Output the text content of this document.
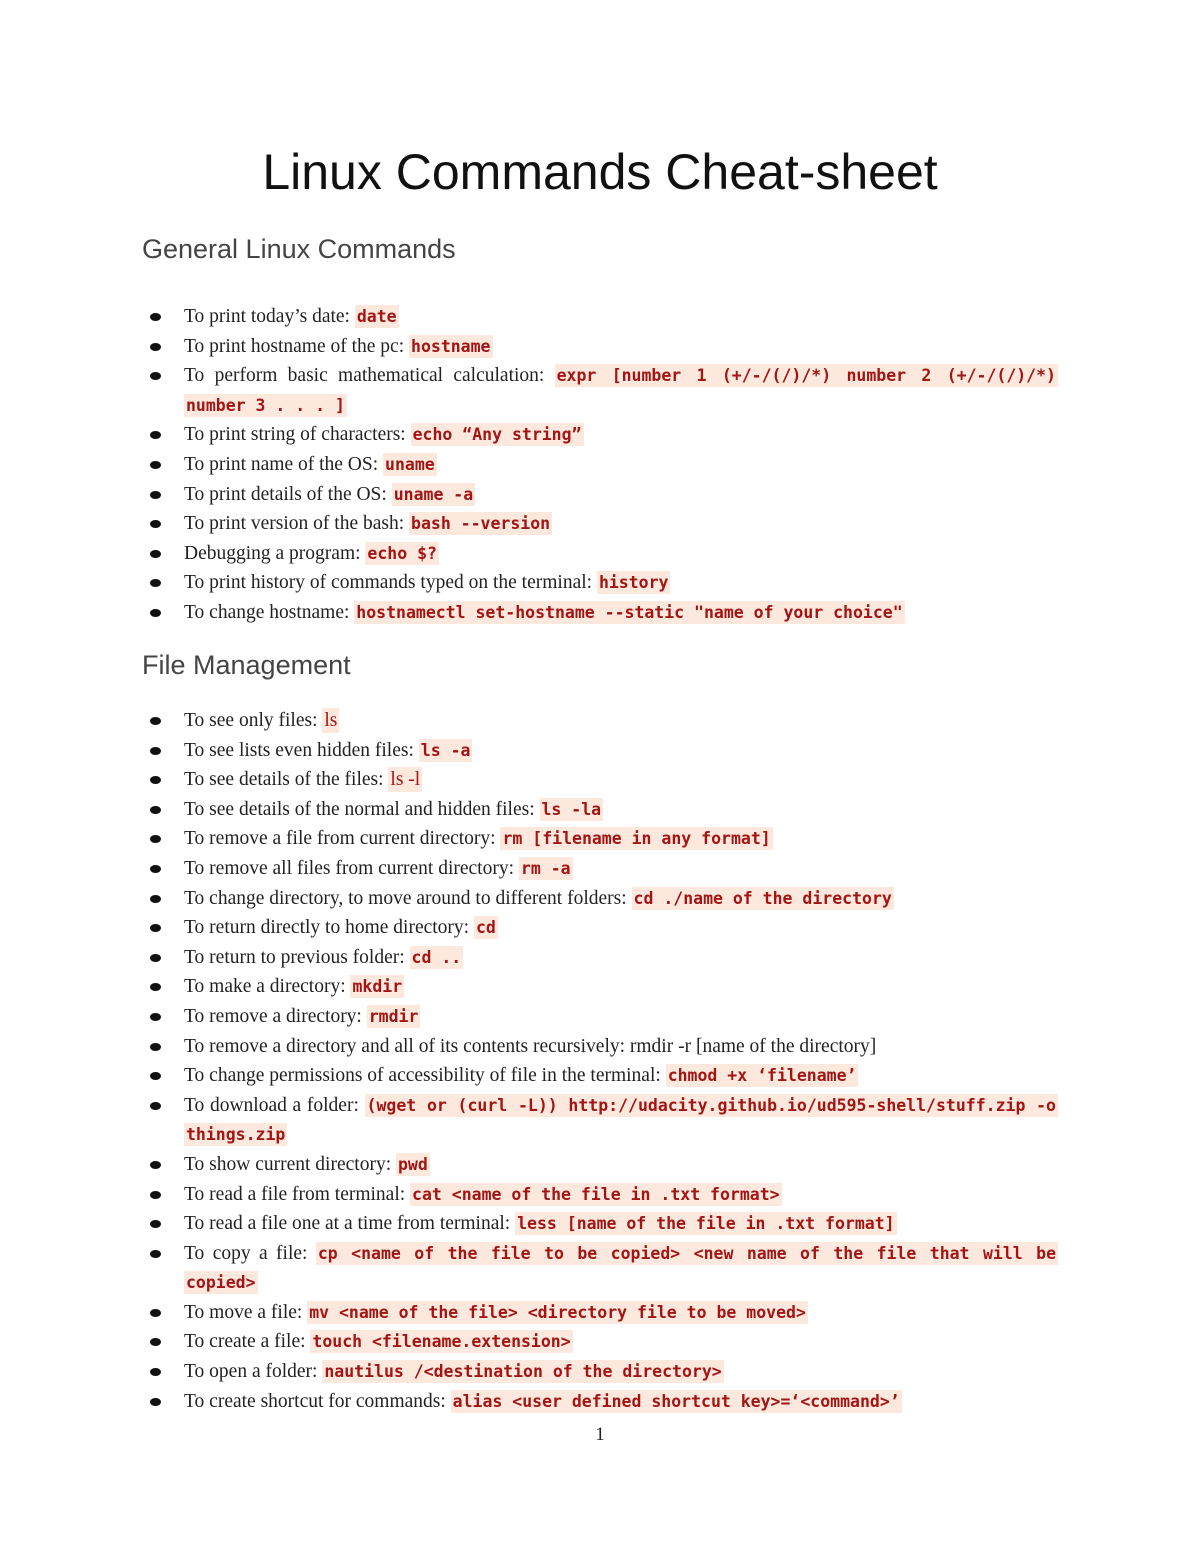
Linux Commands Cheat-sheet
General Linux Commands
To print today’s date: date
To print hostname of the pc: hostname
To perform basic mathematical calculation: expr [number 1 (+/-/(/)/*) number 2 (+/-/(/)/*) number 3 . . . ]
To print string of characters: echo “Any string”
To print name of the OS: uname
To print details of the OS: uname -a
To print version of the bash: bash --version
Debugging a program: echo $?
To print history of commands typed on the terminal: history
To change hostname: hostnamectl set-hostname --static "name of your choice"
File Management
To see only files: ls
To see lists even hidden files: ls -a
To see details of the files: ls -l
To see details of the normal and hidden files: ls -la
To remove a file from current directory: rm [filename in any format]
To remove all files from current directory: rm -a
To change directory, to move around to different folders: cd ./name of the directory
To return directly to home directory: cd
To return to previous folder: cd ..
To make a directory: mkdir
To remove a directory: rmdir
To remove a directory and all of its contents recursively: rmdir -r [name of the directory]
To change permissions of accessibility of file in the terminal: chmod +x ‘filename’
To download a folder: (wget or (curl -L)) http://udacity.github.io/ud595-shell/stuff.zip -o things.zip
To show current directory: pwd
To read a file from terminal: cat <name of the file in .txt format>
To read a file one at a time from terminal: less [name of the file in .txt format]
To copy a file: cp <name of the file to be copied> <new name of the file that will be copied>
To move a file: mv <name of the file> <directory file to be moved>
To create a file: touch <filename.extension>
To open a folder: nautilus /<destination of the directory>
To create shortcut for commands: alias <user defined shortcut key>=‘<command>’
1
